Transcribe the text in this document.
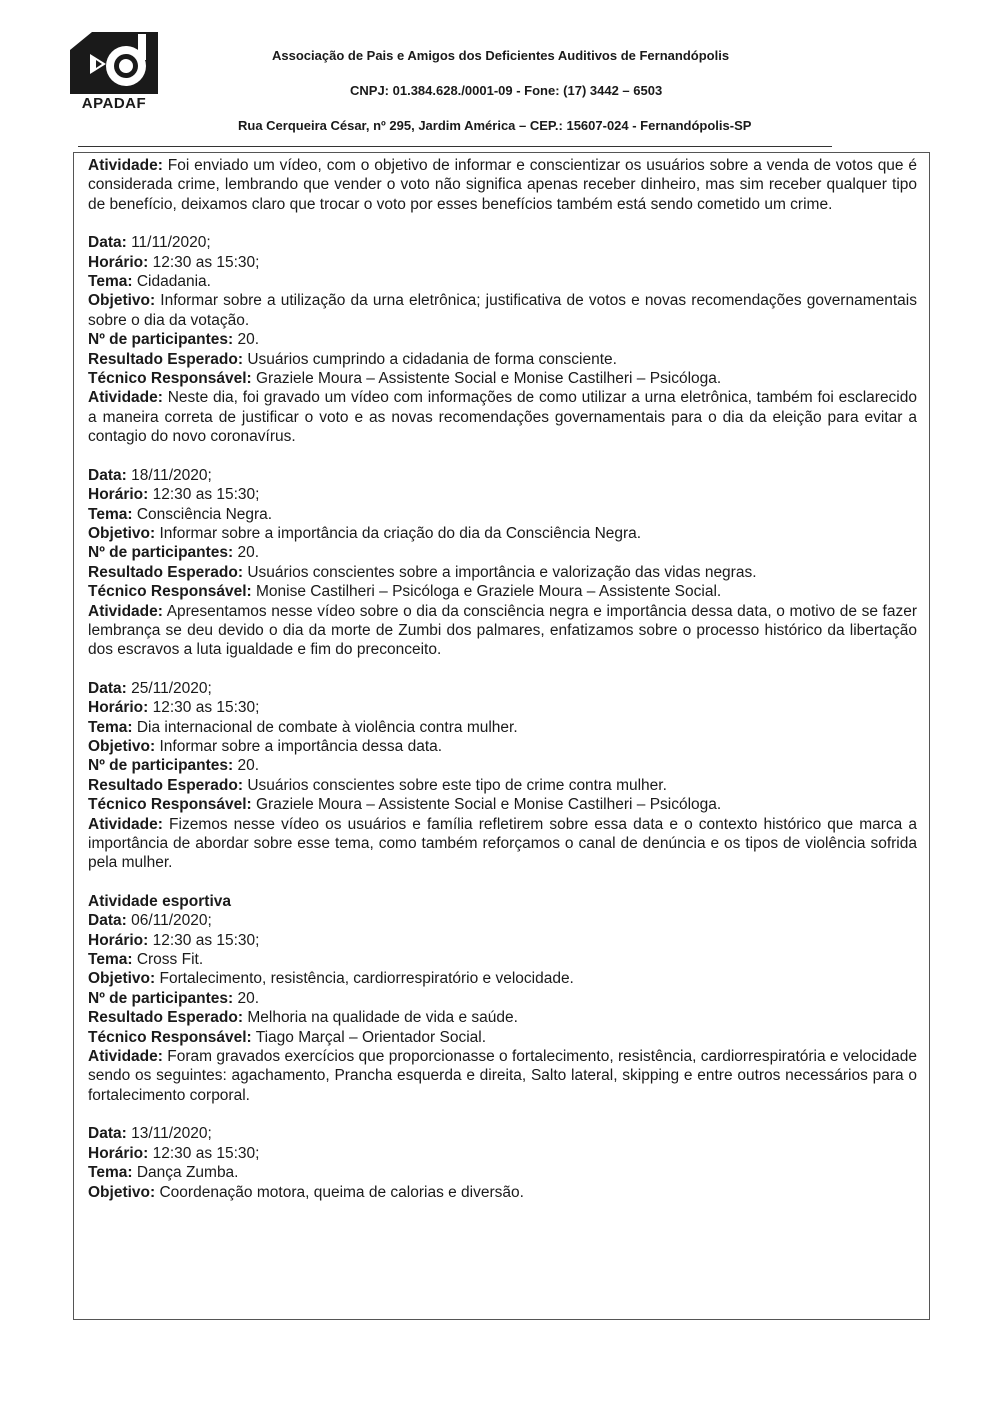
APADAF
Associação de Pais e Amigos dos Deficientes Auditivos de Fernandópolis
CNPJ: 01.384.628./0001-09 - Fone: (17) 3442 – 6503
Rua Cerqueira César, nº 295, Jardim América – CEP.: 15607-024 - Fernandópolis-SP

Atividade: Foi enviado um vídeo, com o objetivo de informar e conscientizar os usuários sobre a venda de votos que é considerada crime, lembrando que vender o voto não significa apenas receber dinheiro, mas sim receber qualquer tipo de benefício, deixamos claro que trocar o voto por esses benefícios também está sendo cometido um crime.

Data: 11/11/2020;

Horário: 12:30 as 15:30;

Tema: Cidadania.

Objetivo: Informar sobre a utilização da urna eletrônica; justificativa de votos e novas recomendações governamentais sobre o dia da votação.

Nº de participantes: 20.

Resultado Esperado: Usuários cumprindo a cidadania de forma consciente.

Técnico Responsável: Graziele Moura – Assistente Social e Monise Castilheri – Psicóloga.

Atividade: Neste dia, foi gravado um vídeo com informações de como utilizar a urna eletrônica, também foi esclarecido a maneira correta de justificar o voto e as novas recomendações governamentais para o dia da eleição para evitar a contagio do novo coronavírus.

Data: 18/11/2020;

Horário: 12:30 as 15:30;

Tema: Consciência Negra.

Objetivo: Informar sobre a importância da criação do dia da Consciência Negra.

Nº de participantes: 20.

Resultado Esperado: Usuários conscientes sobre a importância e valorização das vidas negras.

Técnico Responsável: Monise Castilheri – Psicóloga e Graziele Moura – Assistente Social.

Atividade: Apresentamos nesse vídeo sobre o dia da consciência negra e importância dessa data, o motivo de se fazer lembrança se deu devido o dia da morte de Zumbi dos palmares, enfatizamos sobre o processo histórico da libertação dos escravos a luta igualdade e fim do preconceito.

Data: 25/11/2020;

Horário: 12:30 as 15:30;

Tema: Dia internacional de combate à violência contra mulher.

Objetivo: Informar sobre a importância dessa data.

Nº de participantes: 20.

Resultado Esperado: Usuários conscientes sobre este tipo de crime contra mulher.

Técnico Responsável: Graziele Moura – Assistente Social e Monise Castilheri – Psicóloga.

Atividade: Fizemos nesse vídeo os usuários e família refletirem sobre essa data e o contexto histórico que marca a importância de abordar sobre esse tema, como também reforçamos o canal de denúncia e os tipos de violência sofrida pela mulher.

Atividade esportiva

Data: 06/11/2020;

Horário: 12:30 as 15:30;

Tema: Cross Fit.

Objetivo: Fortalecimento, resistência, cardiorrespiratório e velocidade.

Nº de participantes: 20.

Resultado Esperado: Melhoria na qualidade de vida e saúde.

Técnico Responsável: Tiago Marçal – Orientador Social.

Atividade: Foram gravados exercícios que proporcionasse o fortalecimento, resistência, cardiorrespiratória e velocidade sendo os seguintes: agachamento, Prancha esquerda e direita, Salto lateral, skipping e entre outros necessários para o fortalecimento corporal.

Data: 13/11/2020;

Horário: 12:30 as 15:30;

Tema: Dança Zumba.

Objetivo: Coordenação motora, queima de calorias e diversão.
